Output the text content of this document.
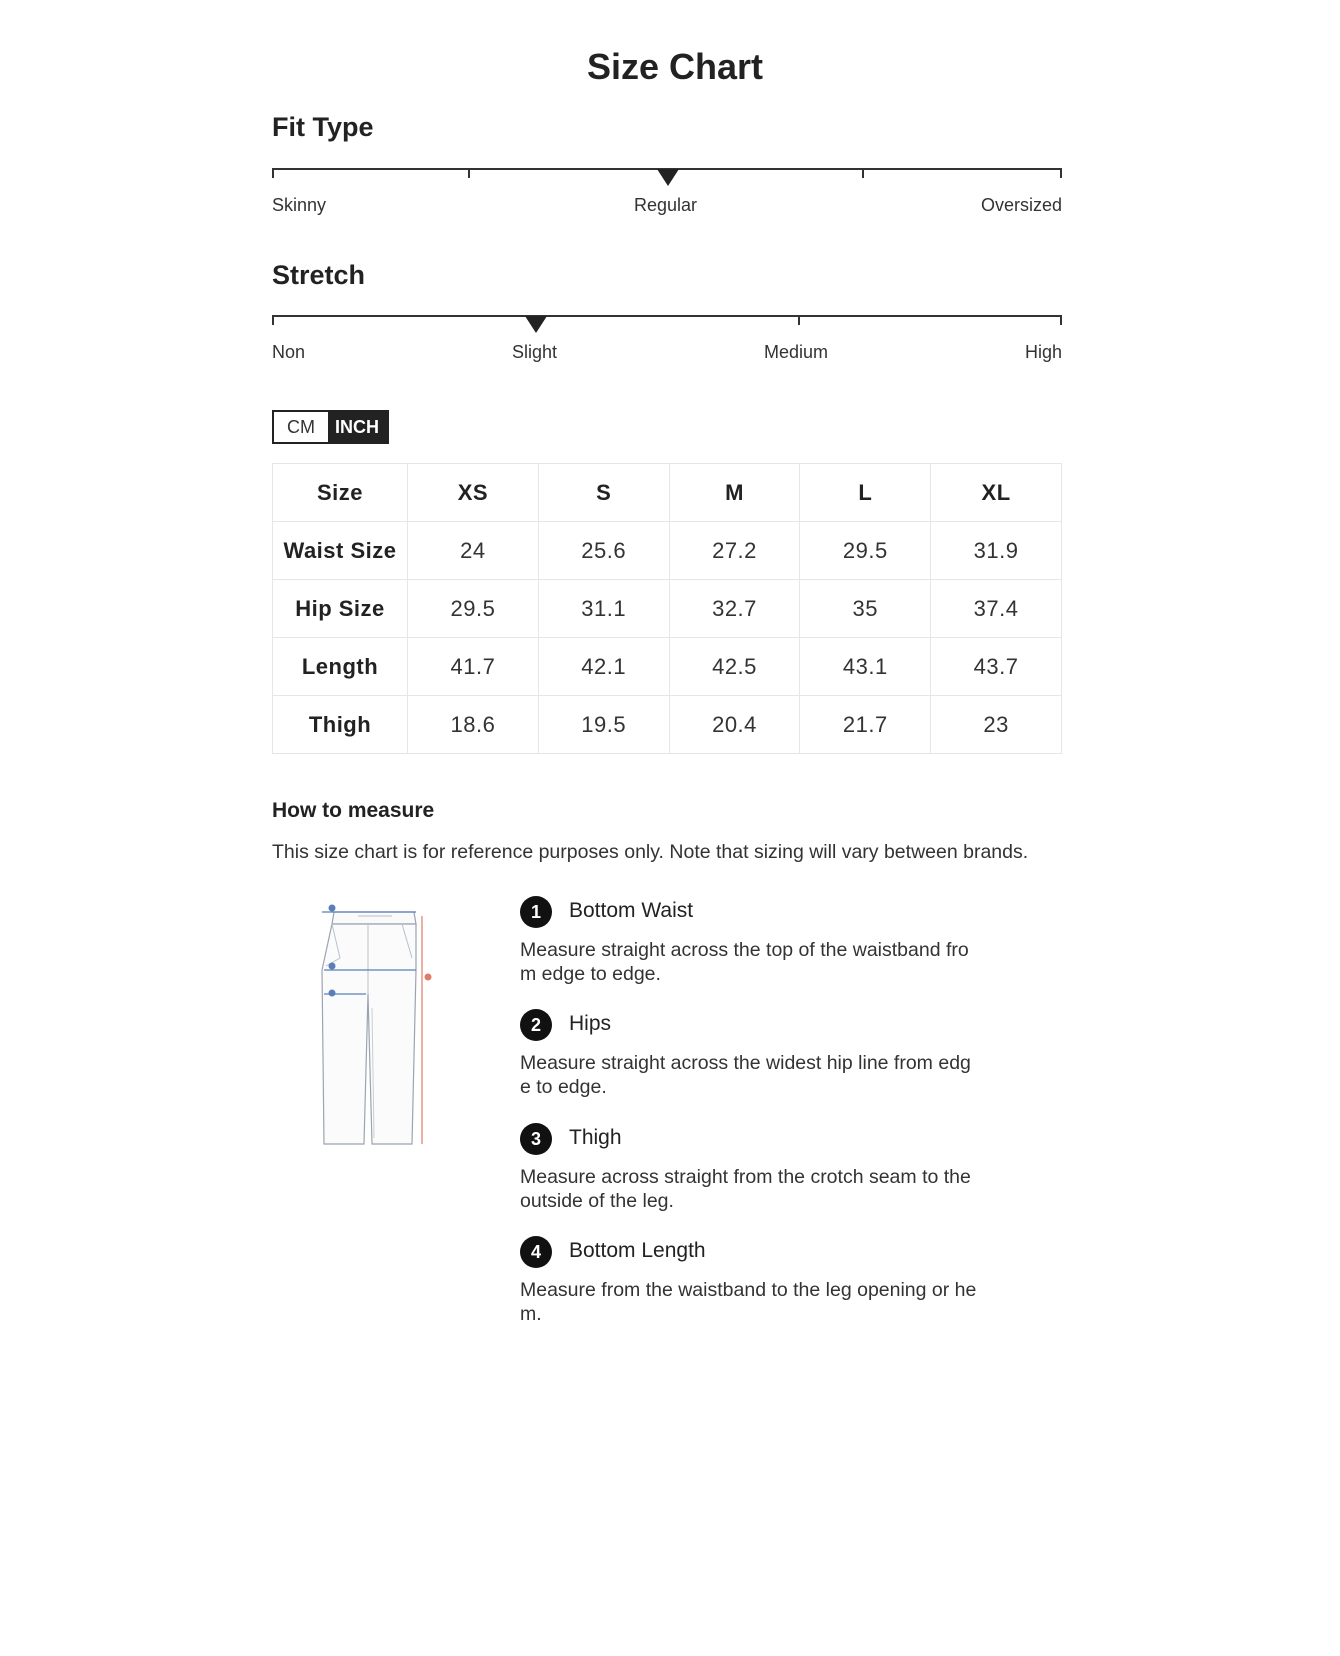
Size Chart
Fit Type
Skinny	Regular	Oversized
Stretch
Non	Slight	Medium	High
CM	INCH
Size	XS	S	M	L	XL
Waist Size	24	25.6	27.2	29.5	31.9
Hip Size	29.5	31.1	32.7	35	37.4
Length	41.7	42.1	42.5	43.1	43.7
Thigh	18.6	19.5	20.4	21.7	23
How to measure

This size chart is for reference purposes only. Note that sizing will vary between brands.

1	Bottom Waist
Measure straight across the top of the waistband from edge to edge.
2	Hips
Measure straight across the widest hip line from edge to edge.
3	Thigh
Measure across straight from the crotch seam to the outside of the leg.
4	Bottom Length
Measure from the waistband to the leg opening or hem.
